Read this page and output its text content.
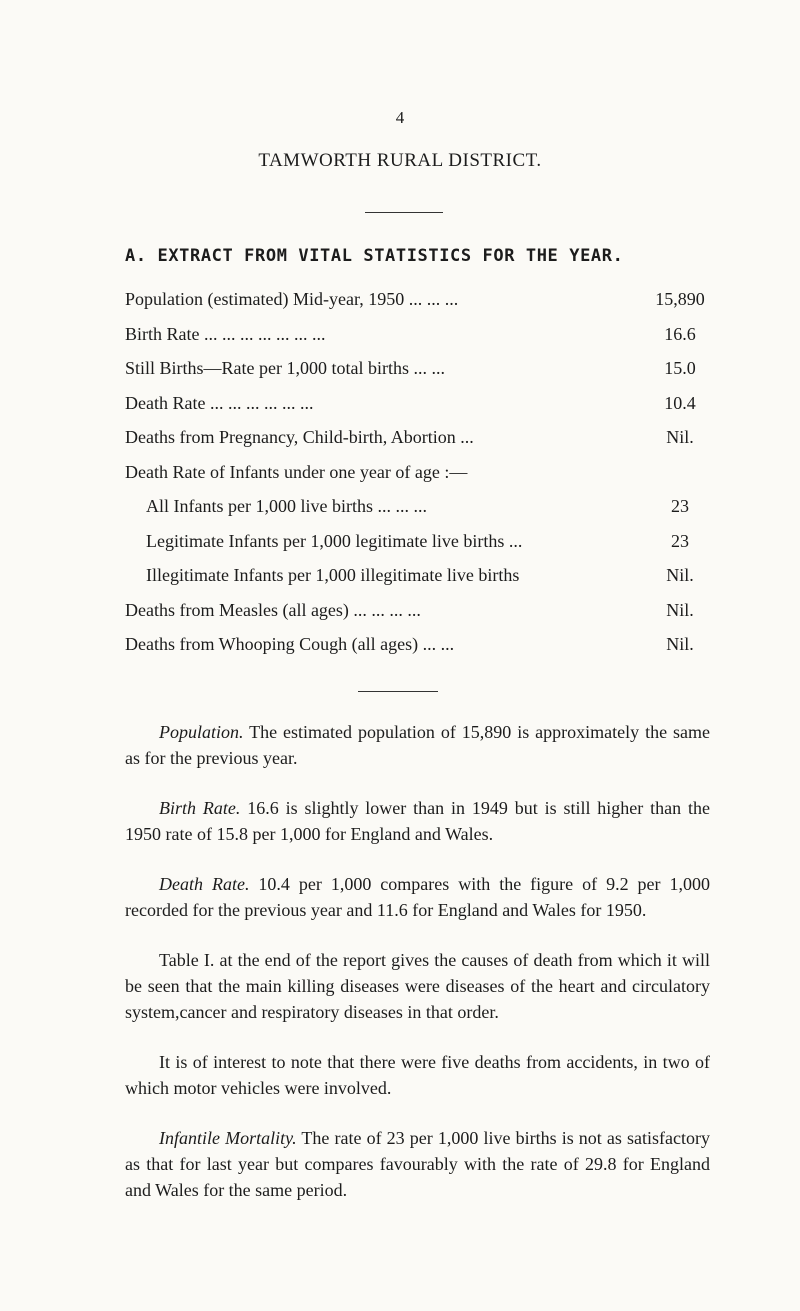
4
TAMWORTH RURAL DISTRICT.
A. EXTRACT FROM VITAL STATISTICS FOR THE YEAR.
Population (estimated) Mid-year, 1950 ... ... ...	15,890
Birth Rate ... ... ... ... ... ... ...	16.6
Still Births—Rate per 1,000 total births ... ...	15.0
Death Rate ... ... ... ... ... ...	10.4
Deaths from Pregnancy, Child-birth, Abortion ...	Nil.
Death Rate of Infants under one year of age :—
All Infants per 1,000 live births ... ... ...	23
Legitimate Infants per 1,000 legitimate live births ...	23
Illegitimate Infants per 1,000 illegitimate live births	Nil.
Deaths from Measles (all ages) ... ... ... ...	Nil.
Deaths from Whooping Cough (all ages) ... ...	Nil.

Population. The estimated population of 15,890 is approximately the same as for the previous year.

Birth Rate. 16.6 is slightly lower than in 1949 but is still higher than the 1950 rate of 15.8 per 1,000 for England and Wales.

Death Rate. 10.4 per 1,000 compares with the figure of 9.2 per 1,000 recorded for the previous year and 11.6 for England and Wales for 1950.

Table I. at the end of the report gives the causes of death from which it will be seen that the main killing diseases were diseases of the heart and circulatory system,cancer and respiratory diseases in that order.

It is of interest to note that there were five deaths from accidents, in two of which motor vehicles were involved.

Infantile Mortality. The rate of 23 per 1,000 live births is not as satisfactory as that for last year but compares favourably with the rate of 29.8 for England and Wales for the same period.
